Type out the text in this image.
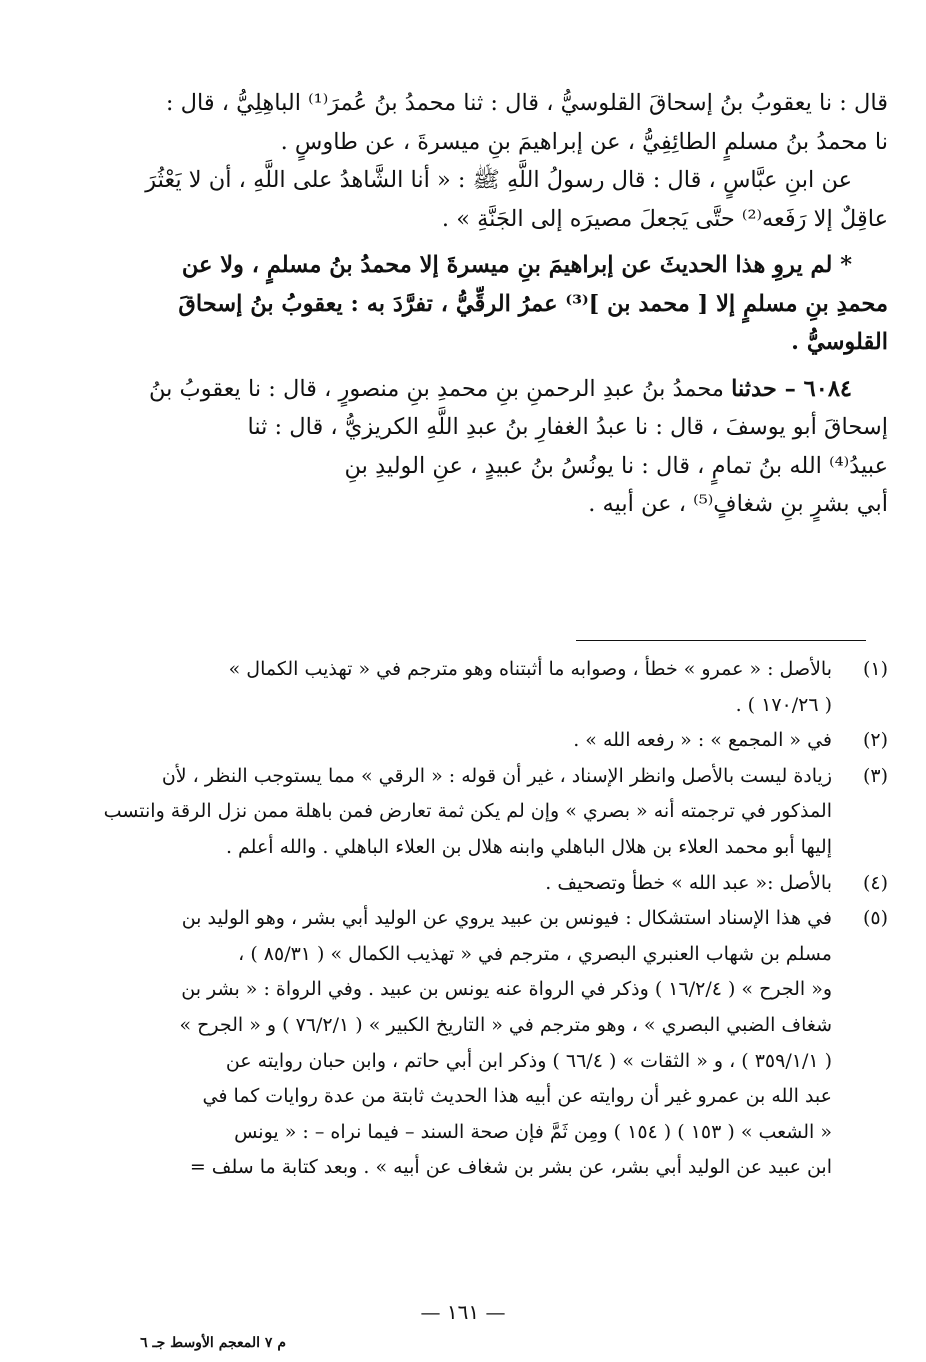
قال : نا يعقوبُ بنُ إسحاقَ القلوسيُّ ، قال : ثنا محمدُ بنُ عُمرَ⁽¹⁾ الباهِلِيُّ ، قال :
نا محمدُ بنُ مسلمٍ الطائِفِيُّ ، عن إبراهيمَ بنِ ميسرةَ ، عن طاوسٍ .

عن ابنِ عبَّاسٍ ، قال : قال رسولُ اللَّهِ ﷺ : « أنا الشَّاهدُ على اللَّهِ ، أن لا يَعْثُرَ
عاقِلٌ إلا رَفَعه⁽²⁾ حتَّى يَجعلَ مصيرَه إلى الجَنَّةِ » .

* لم يروِ هذا الحديثَ عن إبراهيمَ بنِ ميسرةَ إلا محمدُ بنُ مسلمٍ ، ولا عن
محمدِ بنِ مسلمٍ إلا [ محمد بن ]⁽³⁾ عمرُ الرقِّيُّ ، تفرَّدَ به : يعقوبُ بنُ إسحاقَ
القلوسيُّ .

٦٠٨٤ – حدثنا محمدُ بنُ عبدِ الرحمنِ بنِ محمدِ بنِ منصورٍ ، قال : نا يعقوبُ بنُ
إسحاقَ أبو يوسفَ ، قال : نا عبدُ الغفارِ بنُ عبدِ اللَّهِ الكريزيُّ ، قال : ثنا
عبيدُ⁽⁴⁾ الله بنُ تمامٍ ، قال : نا يونُسُ بنُ عبيدٍ ، عنِ الوليدِ بنِ
أبي بشرٍ بنِ شغافٍ⁽⁵⁾ ، عن أبيه .

(١)
بالأصل : « عمرو » خطأ ، وصوابه ما أثبتناه وهو مترجم في « تهذيب الكمال »
( ١٧٠/٢٦ ) .
(٢)
في « المجمع » : « رفعه الله » .
(٣)
زيادة ليست بالأصل وانظر الإسناد ، غير أن قوله : « الرقي » مما يستوجب النظر ، لأن
المذكور في ترجمته أنه « بصري » وإن لم يكن ثمة تعارض فمن باهلة ممن نزل الرقة وانتسب
إليها أبو محمد العلاء بن هلال الباهلي وابنه هلال بن العلاء الباهلي . والله أعلم .
(٤)
بالأصل :« عبد الله » خطأ وتصحيف .
(٥)
في هذا الإسناد استشكال : فيونس بن عبيد يروي عن الوليد أبي بشر ، وهو الوليد بن
مسلم بن شهاب العنبري البصري ، مترجم في « تهذيب الكمال » ( ٨٥/٣١ ) ،
و« الجرح » ( ١٦/٢/٤ ) وذكر في الرواة عنه يونس بن عبيد . وفي الرواة : « بشر بن
شغاف الضبي البصري » ، وهو مترجم في « التاريخ الكبير » ( ٧٦/٢/١ ) و « الجرح »
( ٣٥٩/١/١ ) ، و « الثقات » ( ٦٦/٤ ) وذكر ابن أبي حاتم ، وابن حبان روايته عن
عبد الله بن عمرو غير أن روايته عن أبيه هذا الحديث ثابتة من عدة روايات كما في
« الشعب » ( ١٥٣ ) ( ١٥٤ ) ومِن ثَمَّ فإن صحة السند – فيما نراه – : « يونس
ابن عبيد عن الوليد أبي بشر، عن بشر بن شغاف عن أبيه » . وبعد كتابة ما سلف =
— ١٦١ —
م ٧ المعجم الأوسط جـ ٦
